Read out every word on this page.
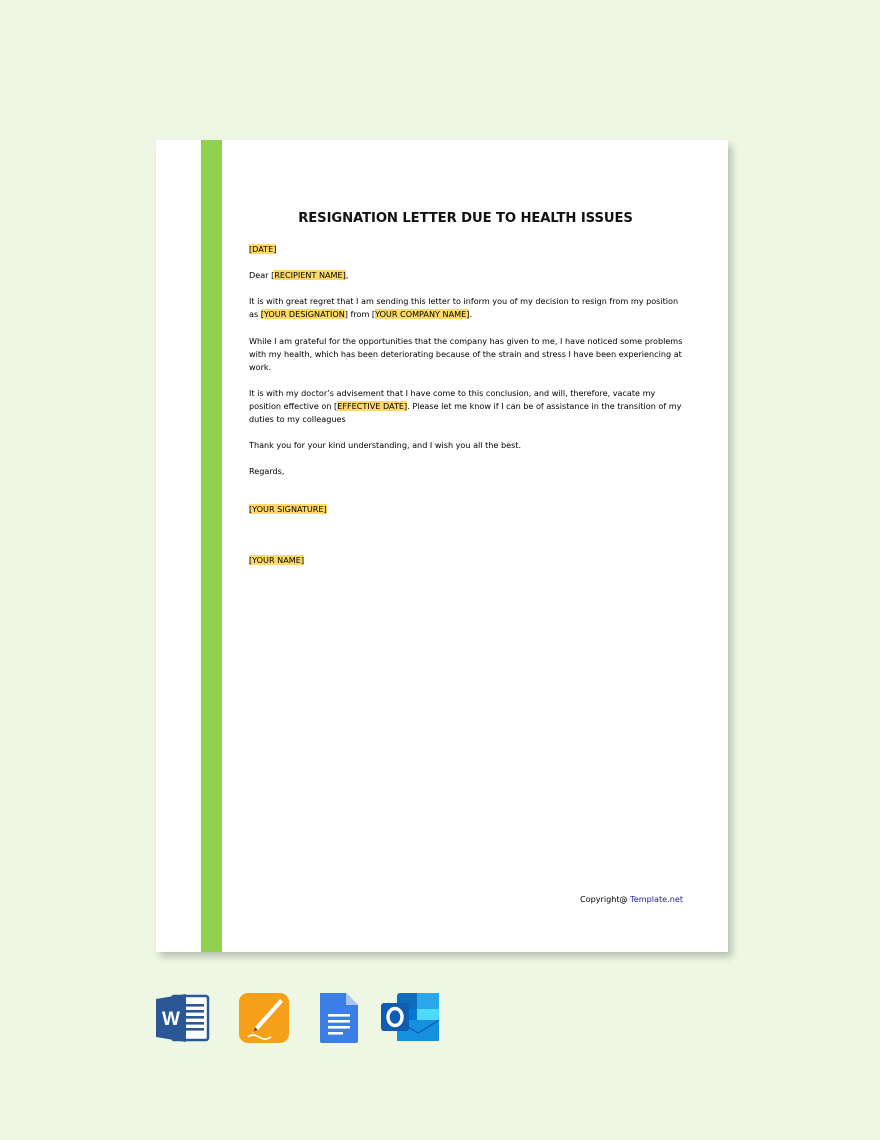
RESIGNATION LETTER DUE TO HEALTH ISSUES

[DATE]

Dear [RECIPIENT NAME],

It is with great regret that I am sending this letter to inform you of my decision to resign from my position as [YOUR DESIGNATION] from [YOUR COMPANY NAME].

While I am grateful for the opportunities that the company has given to me, I have noticed some problems with my health, which has been deteriorating because of the strain and stress I have been experiencing at work.

It is with my doctor’s advisement that I have come to this conclusion, and will, therefore, vacate my position effective on [EFFECTIVE DATE]. Please let me know if I can be of assistance in the transition of my duties to my colleagues

Thank you for your kind understanding, and I wish you all the best.

Regards,

[YOUR SIGNATURE]

[YOUR NAME]

Copyright@ Template.net
W
